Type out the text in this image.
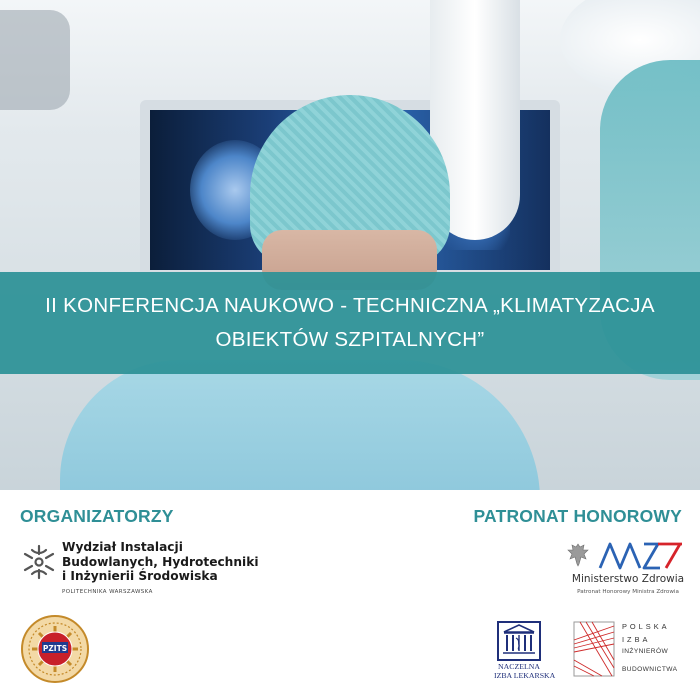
II KONFERENCJA NAUKOWO - TECHNICZNA „KLIMATYZACJA
OBIEKTÓW SZPITALNYCH”
ORGANIZATORZY
Wydział Instalacji
Budowlanych, Hydrotechniki
i Inżynierii Środowiska
POLITECHNIKA WARSZAWSKA
PZITS
PATRONAT HONOROWY
Ministerstwo Zdrowia
Patronat Honorowy Ministra Zdrowia
NACZELNA
IZBA LEKARSKA
POLSKA
IZBA
INŻYNIERÓW
BUDOWNICTWA
